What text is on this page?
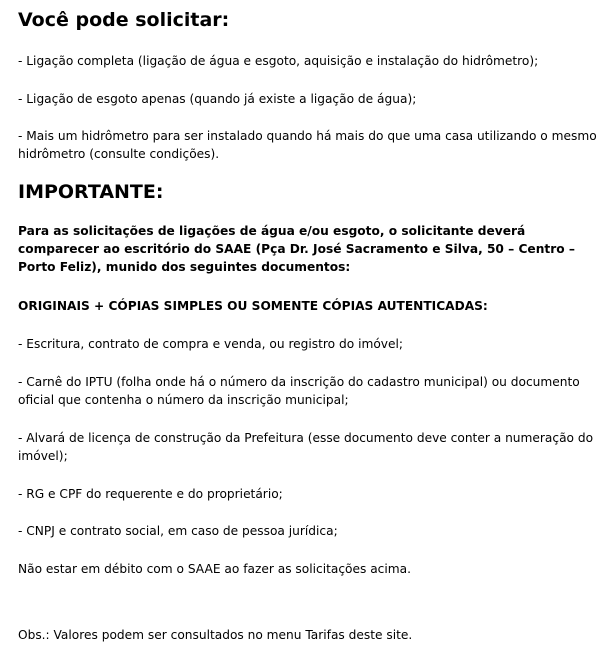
Você pode solicitar:

- Ligação completa (ligação de água e esgoto, aquisição e instalação do hidrômetro);

- Ligação de esgoto apenas (quando já existe a ligação de água);

- Mais um hidrômetro para ser instalado quando há mais do que uma casa utilizando o mesmo hidrômetro (consulte condições).

IMPORTANTE:

Para as solicitações de ligações de água e/ou esgoto, o solicitante deverá comparecer ao escritório do SAAE (Pça Dr. José Sacramento e Silva, 50 – Centro – Porto Feliz), munido dos seguintes documentos:

ORIGINAIS + CÓPIAS SIMPLES OU SOMENTE CÓPIAS AUTENTICADAS:

- Escritura, contrato de compra e venda, ou registro do imóvel;

- Carnê do IPTU (folha onde há o número da inscrição do cadastro municipal) ou documento oficial que contenha o número da inscrição municipal;

- Alvará de licença de construção da Prefeitura (esse documento deve conter a numeração do imóvel);

- RG e CPF do requerente e do proprietário;

- CNPJ e contrato social, em caso de pessoa jurídica;

Não estar em débito com o SAAE ao fazer as solicitações acima.

Obs.: Valores podem ser consultados no menu Tarifas deste site.
